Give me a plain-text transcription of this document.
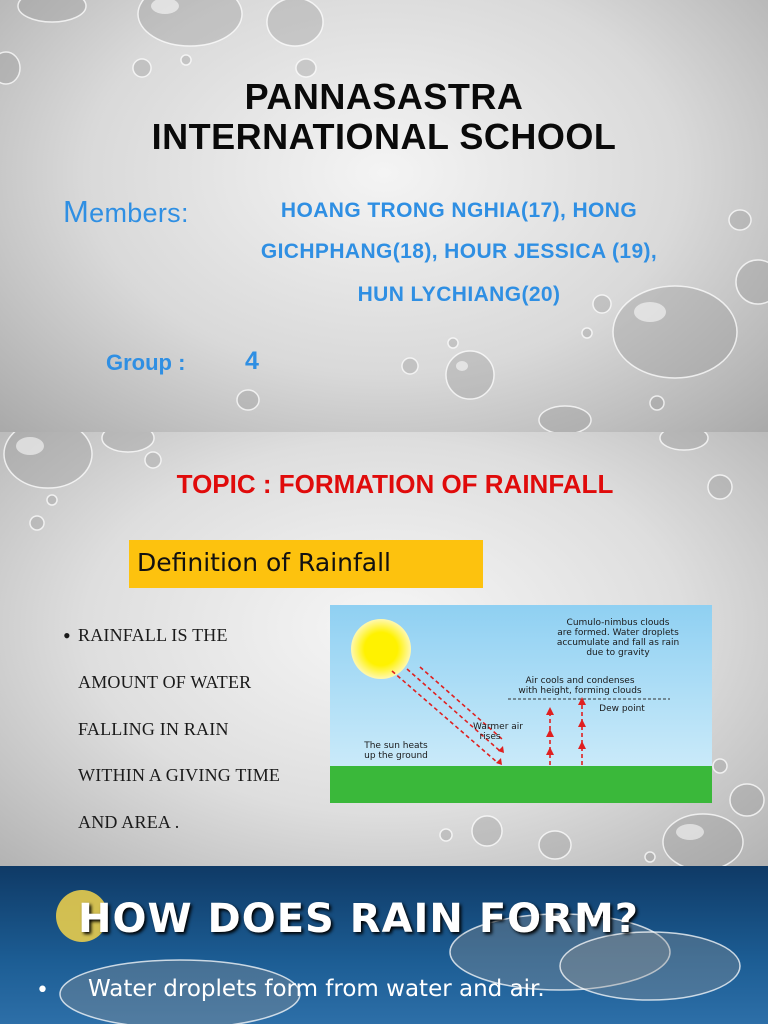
PANNASASTRA
INTERNATIONAL SCHOOL
Members:	HOANG TRONG NGHIA(17), HONG
GICHPHANG(18), HOUR JESSICA (19),
HUN LYCHIANG(20)
Group : 4
TOPIC : FORMATION OF RAINFALL
Definition of Rainfall
• RAINFALL IS THE
AMOUNT OF WATER
FALLING IN RAIN
WITHIN A GIVING TIME
AND AREA .
Cumulo-nimbus clouds
are formed. Water droplets
accumulate and fall as rain
due to gravity
Air cools and condenses
with height, forming clouds
Dew point
Warmer air
rises
The sun heats
up the ground
HOW DOES RAIN FORM?
• Water droplets form from water and air.
